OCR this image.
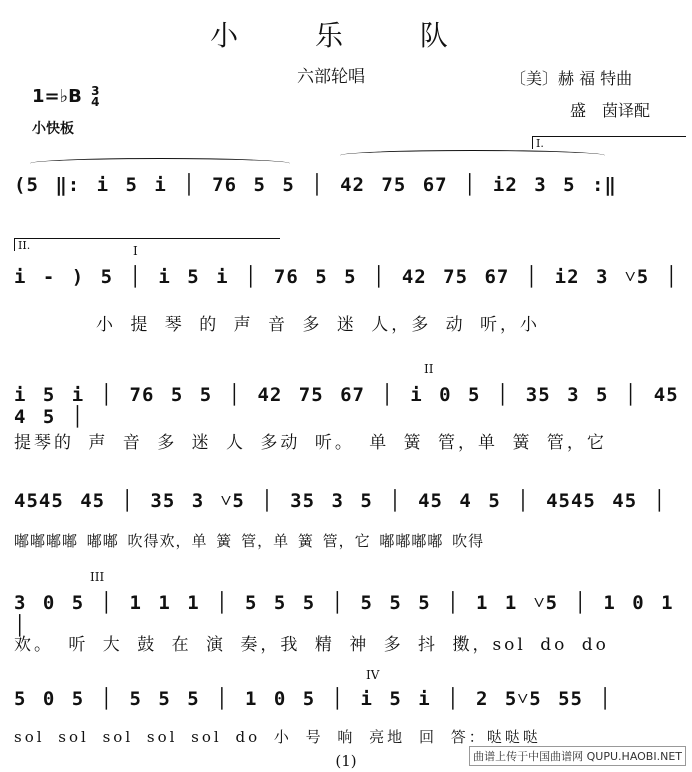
小 乐 队
六部轮唱	〔美〕赫 福 特曲
盛　茵译配
1=♭B 3
4
小快板
I.
II.	I
II
III
IV
(5 ‖: i 5 i │ 76 5 5 │ 42 75 67 │ i2 3 5 :‖
i - ) 5 │ i 5 i │ 76 5 5 │ 42 75 67 │ i2 3 ˅5 │
小 提 琴 的 声 音 多 迷 人，多 动 听，小
i 5 i │ 76 5 5 │ 42 75 67 │ i 0 5 │ 35 3 5 │ 45 4 5 │
提琴的 声 音 多 迷 人 多动 听。 单 簧 管，单 簧 管，它
4545 45 │ 35 3 ˅5 │ 35 3 5 │ 45 4 5 │ 4545 45 │
嘟嘟嘟嘟 嘟嘟 吹得欢，单 簧 管，单 簧 管，它 嘟嘟嘟嘟 吹得
3 0 5 │ 1 1 1 │ 5 5 5 │ 5 5 5 │ 1 1 ˅5 │ 1 0 1 │
欢。 听 大 鼓 在 演 奏，我 精 神 多 抖 擞，sol do do
5 0 5 │ 5 5 5 │ 1 0 5 │ i 5 i │ 2 5˅5 55 │
sol sol sol sol sol do 小 号 响 亮地 回 答：哒哒哒
(1)	曲谱上传于中国曲谱网 QUPU.HAOBI.NET
